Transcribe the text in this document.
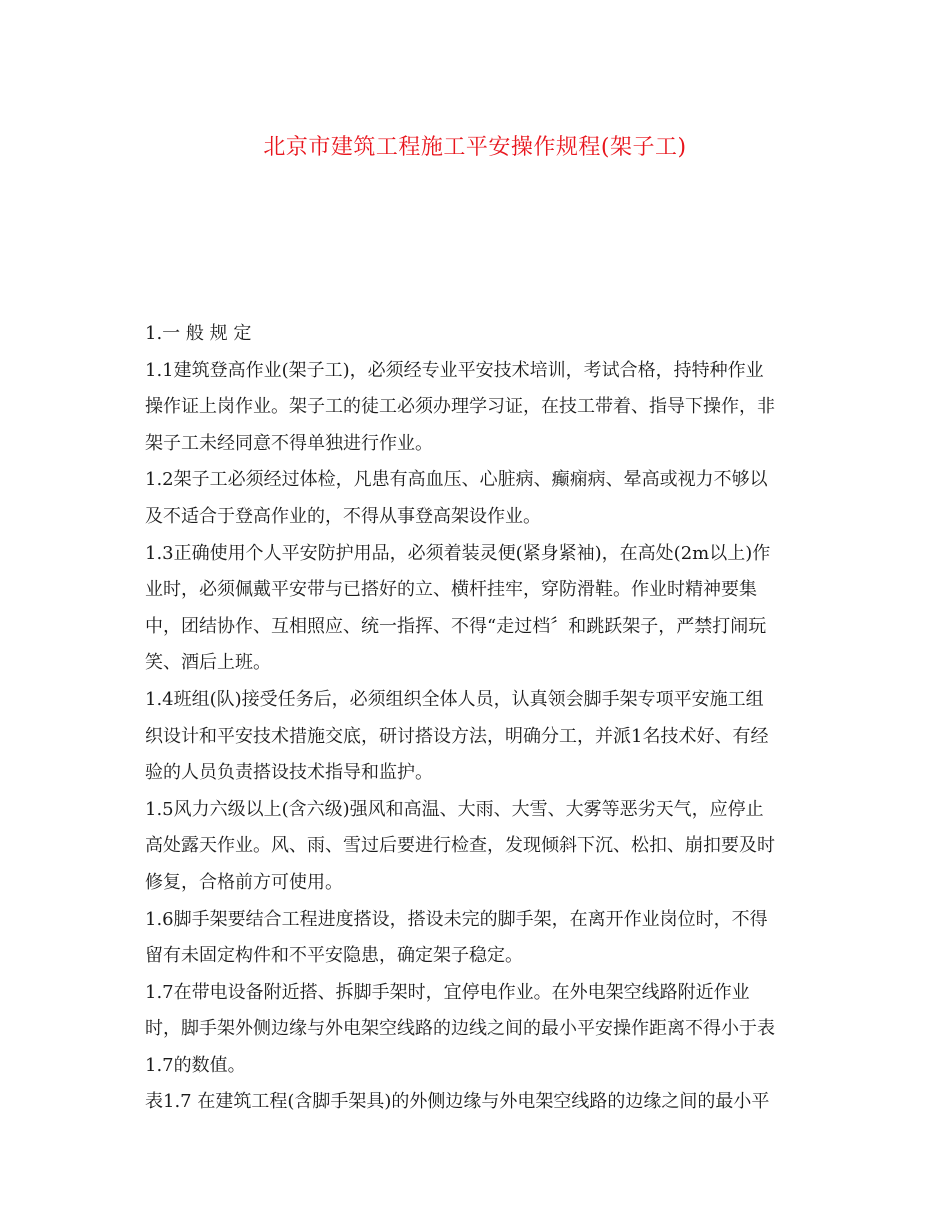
北京市建筑工程施工平安操作规程(架子工)

1.一 般 规 定

1.1建筑登高作业(架子工)，必须经专业平安技术培训，考试合格，持特种作业

操作证上岗作业。架子工的徒工必须办理学习证，在技工带着、指导下操作，非

架子工未经同意不得单独进行作业。

1.2架子工必须经过体检，凡患有高血压、心脏病、癫痫病、晕高或视力不够以

及不适合于登高作业的，不得从事登高架设作业。

1.3正确使用个人平安防护用品，必须着装灵便(紧身紧袖)，在高处(2m以上)作

业时，必须佩戴平安带与已搭好的立、横杆挂牢，穿防滑鞋。作业时精神要集

中，团结协作、互相照应、统一指挥、不得“走过档〞和跳跃架子，严禁打闹玩

笑、酒后上班。

1.4班组(队)接受任务后，必须组织全体人员，认真领会脚手架专项平安施工组

织设计和平安技术措施交底，研讨搭设方法，明确分工，并派1名技术好、有经

验的人员负责搭设技术指导和监护。

1.5风力六级以上(含六级)强风和高温、大雨、大雪、大雾等恶劣天气，应停止

高处露天作业。风、雨、雪过后要进行检查，发现倾斜下沉、松扣、崩扣要及时

修复，合格前方可使用。

1.6脚手架要结合工程进度搭设，搭设未完的脚手架，在离开作业岗位时，不得

留有未固定构件和不平安隐患，确定架子稳定。

1.7在带电设备附近搭、拆脚手架时，宜停电作业。在外电架空线路附近作业

时，脚手架外侧边缘与外电架空线路的边线之间的最小平安操作距离不得小于表

1.7的数值。

表1.7 在建筑工程(含脚手架具)的外侧边缘与外电架空线路的边缘之间的最小平
